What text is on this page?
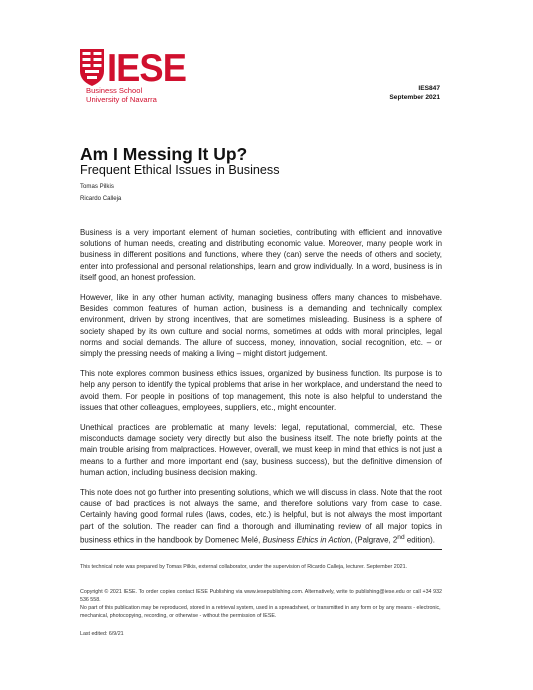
IESE
Business School
University of Navarra
IES847
September 2021
Am I Messing It Up?
Frequent Ethical Issues in Business
Tomas Pilkis
Ricardo Calleja

Business is a very important element of human societies, contributing with efficient and innovative solutions of human needs, creating and distributing economic value. Moreover, many people work in business in different positions and functions, where they (can) serve the needs of others and society, enter into professional and personal relationships, learn and grow individually. In a word, business is in itself good, an honest profession.

However, like in any other human activity, managing business offers many chances to misbehave. Besides common features of human action, business is a demanding and technically complex environment, driven by strong incentives, that are sometimes misleading. Business is a sphere of society shaped by its own culture and social norms, sometimes at odds with moral principles, legal norms and social demands. The allure of success, money, innovation, social recognition, etc. – or simply the pressing needs of making a living – might distort judgement.

This note explores common business ethics issues, organized by business function. Its purpose is to help any person to identify the typical problems that arise in her workplace, and understand the need to avoid them. For people in positions of top management, this note is also helpful to understand the issues that other colleagues, employees, suppliers, etc., might encounter.

Unethical practices are problematic at many levels: legal, reputational, commercial, etc. These misconducts damage society very directly but also the business itself. The note briefly points at the main trouble arising from malpractices. However, overall, we must keep in mind that ethics is not just a means to a further and more important end (say, business success), but the definitive dimension of human action, including business decision making.

This note does not go further into presenting solutions, which we will discuss in class. Note that the root cause of bad practices is not always the same, and therefore solutions vary from case to case. Certainly having good formal rules (laws, codes, etc.) is helpful, but is not always the most important part of the solution. The reader can find a thorough and illuminating review of all major topics in business ethics in the handbook by Domenec Melé, Business Ethics in Action, (Palgrave, 2nd edition).

This technical note was prepared by Tomas Pilkis, external collaborator, under the supervision of Ricardo Calleja, lecturer. September 2021.
Copyright © 2021 IESE. To order copies contact IESE Publishing via www.iesepublishing.com. Alternatively, write to publishing@iese.edu or call +34 932 536 558.
No part of this publication may be reproduced, stored in a retrieval system, used in a spreadsheet, or transmitted in any form or by any means - electronic, mechanical, photocopying, recording, or otherwise - without the permission of IESE.
Last edited: 6/9/21
